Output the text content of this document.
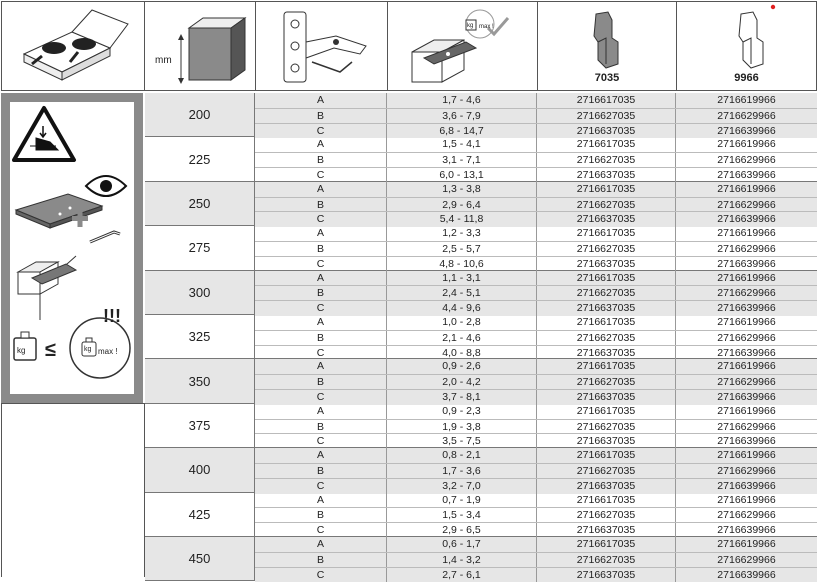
mm
kg max !
7035	9966
!!!
kg ≤	kg max !
200
A	1,7 - 4,6	2716617035	2716619966
B	3,6 - 7,9	2716627035	2716629966
C	6,8 - 14,7	2716637035	2716639966
225
A	1,5 - 4,1	2716617035	2716619966
B	3,1 - 7,1	2716627035	2716629966
C	6,0 - 13,1	2716637035	2716639966
250
A	1,3 - 3,8	2716617035	2716619966
B	2,9 - 6,4	2716627035	2716629966
C	5,4 - 11,8	2716637035	2716639966
275
A	1,2 - 3,3	2716617035	2716619966
B	2,5 - 5,7	2716627035	2716629966
C	4,8 - 10,6	2716637035	2716639966
300
A	1,1 - 3,1	2716617035	2716619966
B	2,4 - 5,1	2716627035	2716629966
C	4,4 - 9,6	2716637035	2716639966
325
A	1,0 - 2,8	2716617035	2716619966
B	2,1 - 4,6	2716627035	2716629966
C	4,0 - 8,8	2716637035	2716639966
350
A	0,9 - 2,6	2716617035	2716619966
B	2,0 - 4,2	2716627035	2716629966
C	3,7 - 8,1	2716637035	2716639966
375
A	0,9 - 2,3	2716617035	2716619966
B	1,9 - 3,8	2716627035	2716629966
C	3,5 - 7,5	2716637035	2716639966
400
A	0,8 - 2,1	2716617035	2716619966
B	1,7 - 3,6	2716627035	2716629966
C	3,2 - 7,0	2716637035	2716639966
425
A	0,7 - 1,9	2716617035	2716619966
B	1,5 - 3,4	2716627035	2716629966
C	2,9 - 6,5	2716637035	2716639966
450
A	0,6 - 1,7	2716617035	2716619966
B	1,4 - 3,2	2716627035	2716629966
C	2,7 - 6,1	2716637035	2716639966
